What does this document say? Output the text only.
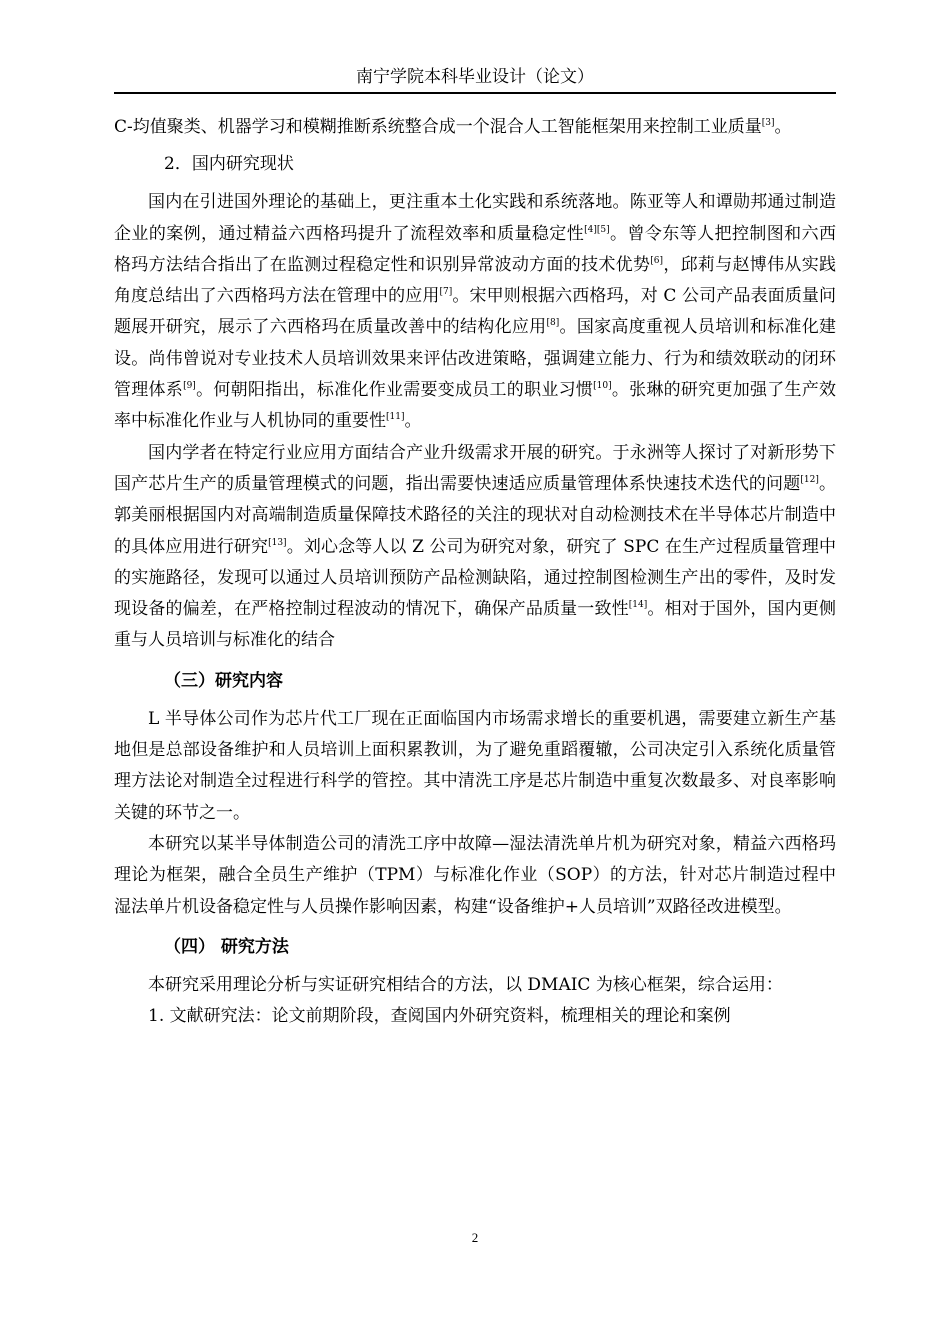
南宁学院本科毕业设计（论文）

C-均值聚类、机器学习和模糊推断系统整合成一个混合人工智能框架用来控制工业质量[3]。

2．国内研究现状

国内在引进国外理论的基础上，更注重本土化实践和系统落地。陈亚等人和谭勋邦通过制造企业的案例，通过精益六西格玛提升了流程效率和质量稳定性[4][5]。曾令东等人把控制图和六西格玛方法结合指出了在监测过程稳定性和识别异常波动方面的技术优势[6]，邱莉与赵博伟从实践角度总结出了六西格玛方法在管理中的应用[7]。宋甲则根据六西格玛，对 C 公司产品表面质量问题展开研究，展示了六西格玛在质量改善中的结构化应用[8]。国家高度重视人员培训和标准化建设。尚伟曾说对专业技术人员培训效果来评估改进策略，强调建立能力、行为和绩效联动的闭环管理体系[9]。何朝阳指出，标准化作业需要变成员工的职业习惯[10]。张琳的研究更加强了生产效率中标准化作业与人机协同的重要性[11]。

国内学者在特定行业应用方面结合产业升级需求开展的研究。于永洲等人探讨了对新形势下国产芯片生产的质量管理模式的问题，指出需要快速适应质量管理体系快速技术迭代的问题[12]。郭美丽根据国内对高端制造质量保障技术路径的关注的现状对自动检测技术在半导体芯片制造中的具体应用进行研究[13]。刘心念等人以 Z 公司为研究对象，研究了 SPC 在生产过程质量管理中的实施路径，发现可以通过人员培训预防产品检测缺陷，通过控制图检测生产出的零件，及时发现设备的偏差，在严格控制过程波动的情况下，确保产品质量一致性[14]。相对于国外，国内更侧重与人员培训与标准化的结合

（三）研究内容

L 半导体公司作为芯片代工厂现在正面临国内市场需求增长的重要机遇，需要建立新生产基地但是总部设备维护和人员培训上面积累教训，为了避免重蹈覆辙，公司决定引入系统化质量管理方法论对制造全过程进行科学的管控。其中清洗工序是芯片制造中重复次数最多、对良率影响关键的环节之一。

本研究以某半导体制造公司的清洗工序中故障—湿法清洗单片机为研究对象，精益六西格玛理论为框架，融合全员生产维护（TPM）与标准化作业（SOP）的方法，针对芯片制造过程中湿法单片机设备稳定性与人员操作影响因素，构建“设备维护+人员培训”双路径改进模型。

（四） 研究方法

本研究采用理论分析与实证研究相结合的方法，以 DMAIC 为核心框架，综合运用：

1. 文献研究法：论文前期阶段，查阅国内外研究资料，梳理相关的理论和案例

2
